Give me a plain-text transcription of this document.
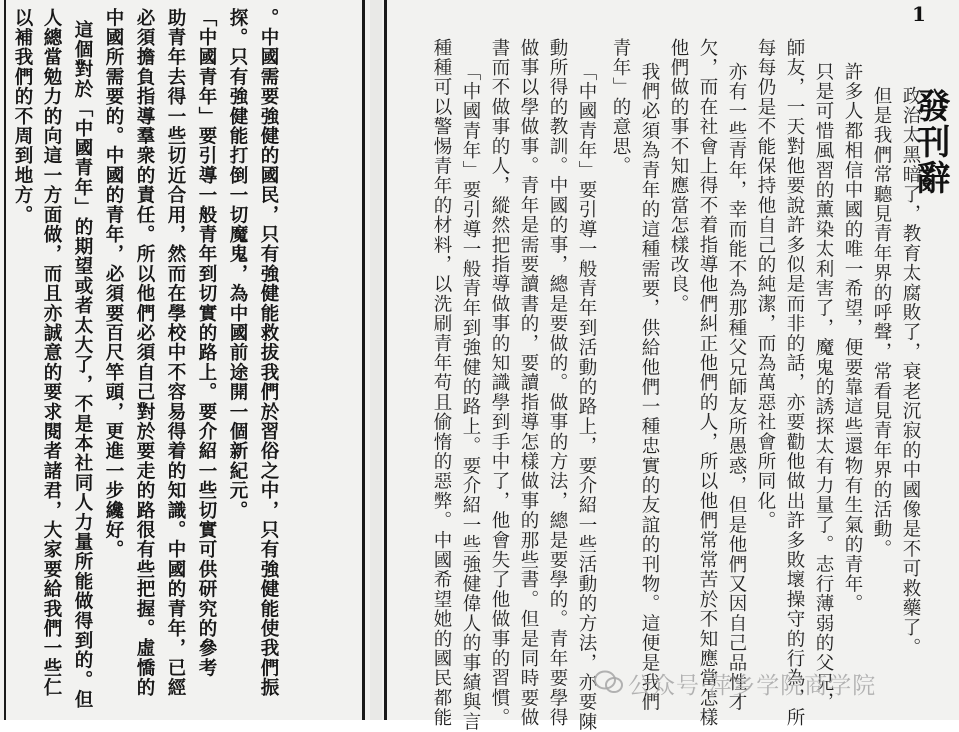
。中國需要強健的國民，只有強健能救拔我們於習俗之中，只有強健能使我們振
探。只有強健能打倒一切魔鬼，為中國前途開一個新紀元。
「中國青年」要引導一般青年到切實的路上。要介紹一些切實可供研究的參考
助青年去得一些切近合用，然而在學校中不容易得着的知識。中國的青年，已經
必須擔負指導羣衆的責任。所以他們必須自己對於要走的路很有些把握。虛憍的
中國所需要的。中國的青年，必須要百尺竿頭，更進一步纔好。
這個對於「中國青年」的期望或者太大了，不是本社同人力量所能做得到的。但
人總當勉力的向這一方面做，而且亦誠意的要求閱者諸君，大家要給我們一些仁
以補我們的不周到地方。	1
發刊辭
政治太黑暗了，教育太腐敗了，衰老沉寂的中國像是不可救藥了。
但是我們常聽見青年界的呼聲，常看見青年界的活動。
許多人都相信中國的唯一希望，便要靠這些還物有生氣的青年。
只是可惜風習的薰染太利害了，魔鬼的誘探太有力量了。志行薄弱的父兄，
師友，一天對他要說許多似是而非的話，亦要勸他做出許多敗壞操守的行為，所
每每仍是不能保持他自己的純潔，而為萬惡社會所同化。
亦有一些青年，幸而能不為那種父兄師友所愚惑，但是他們又因自己品性才
欠，而在社會上得不着指導他們糾正他們的人，所以他們常常苦於不知應當怎樣
他們做的事不知應當怎樣改良。
我們必須為青年的這種需要，供給他們一種忠實的友誼的刊物。這便是我們
青年」的意思。
「中國青年」要引導一般青年到活動的路上，要介紹一些活動的方法，亦要陳
動所得的教訓。中國的事，總是要做的。做事的方法，總是要學的。青年要學得
做事以學做事。青年是需要讀書的，要讀指導怎樣做事的那些書。但是同時要做
書而不做事的人，縱然把指導做事的知識學到手中了，他會失了他做事的習慣。
「中國青年」要引導一般青年到強健的路上。要介紹一些強健偉人的事績與言
種種可以警惕青年的材料，以洗刷青年苟且偷惰的惡弊。中國希望她的國民都能	公众号·萍乡学院商学院
